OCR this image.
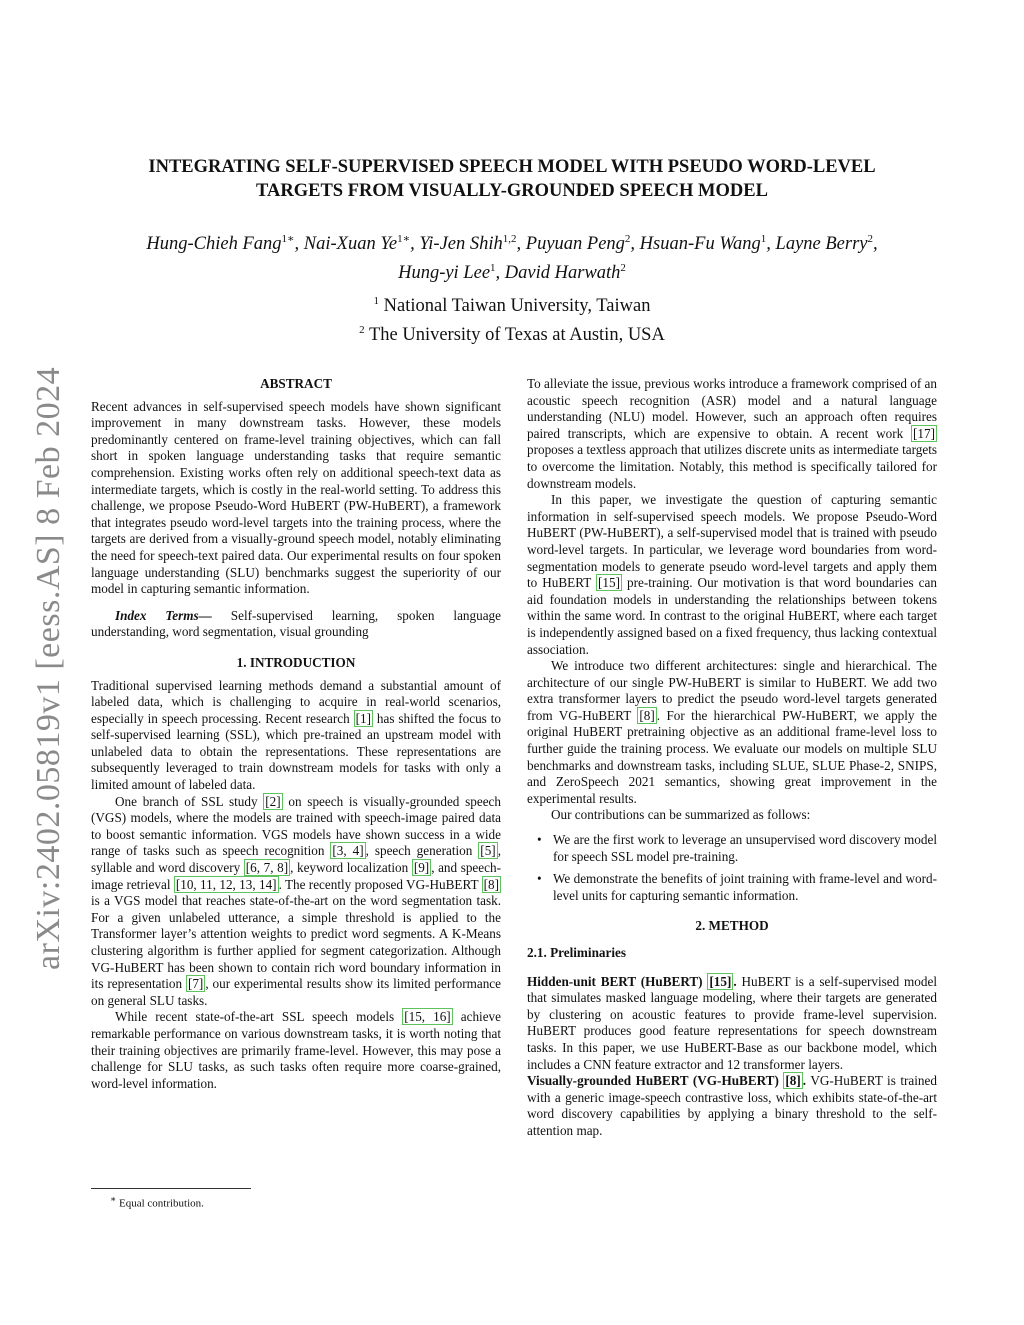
arXiv:2402.05819v1 [eess.AS] 8 Feb 2024
INTEGRATING SELF-SUPERVISED SPEECH MODEL WITH PSEUDO WORD-LEVEL
TARGETS FROM VISUALLY-GROUNDED SPEECH MODEL
Hung-Chieh Fang$^{1∗}$, Nai-Xuan $Ye^{1∗}$, Yi-Jen Shih$^{1,2}$, Puyuan Peng$^2$, Hsuan-Fu Wang$^1$, Layne Berry$^2$,
Hung-yi Lee$^1$, David Harwath$^2$
$^1$ National Taiwan University, Taiwan
$^2$ The University of Texas at Austin, USA
ABSTRACT

Recent advances in self-supervised speech models have shown significant improvement in many downstream tasks. However, these models predominantly centered on frame-level training objectives, which can fall short in spoken language understanding tasks that require semantic comprehension. Existing works often rely on additional speech-text data as intermediate targets, which is costly in the real-world setting. To address this challenge, we propose Pseudo-Word HuBERT (PW-HuBERT), a framework that integrates pseudo word-level targets into the training process, where the targets are derived from a visually-ground speech model, notably eliminating the need for speech-text paired data. Our experimental results on four spoken language understanding (SLU) benchmarks suggest the superiority of our model in capturing semantic information.

Index Terms— Self-supervised learning, spoken language understanding, word segmentation, visual grounding

1. INTRODUCTION

Traditional supervised learning methods demand a substantial amount of labeled data, which is challenging to acquire in real-world scenarios, especially in speech processing. Recent research [1] has shifted the focus to self-supervised learning (SSL), which pre-trained an upstream model with unlabeled data to obtain the representations. These representations are subsequently leveraged to train downstream models for tasks with only a limited amount of labeled data.

One branch of SSL study [2] on speech is visually-grounded speech (VGS) models, where the models are trained with speech-image paired data to boost semantic information. VGS models have shown success in a wide range of tasks such as speech recognition [3, 4] , speech generation [5] , syllable and word discovery [6, 7, 8] , keyword localization [9] , and speech-image retrieval [10, 11, 12, 13, 14] . The recently proposed VG-HuBERT [8] is a VGS model that reaches state-of-the-art on the word segmentation task. For a given unlabeled utterance, a simple threshold is applied to the Transformer layer’s attention weights to predict word segments. A K-Means clustering algorithm is further applied for segment categorization. Although VG-HuBERT has been shown to contain rich word boundary information in its representation [7] , our experimental results show its limited performance on general SLU tasks.

While recent state-of-the-art SSL speech models [15, 16] achieve remarkable performance on various downstream tasks, it is worth noting that their training objectives are primarily frame-level. However, this may pose a challenge for SLU tasks, as such tasks often require more coarse-grained, word-level information.

∗ Equal contribution.

To alleviate the issue, previous works introduce a framework comprised of an acoustic speech recognition (ASR) model and a natural language understanding (NLU) model. However, such an approach often requires paired transcripts, which are expensive to obtain. A recent work [17] proposes a textless approach that utilizes discrete units as intermediate targets to overcome the limitation. Notably, this method is specifically tailored for downstream models.

In this paper, we investigate the question of capturing semantic information in self-supervised speech models. We propose Pseudo-Word HuBERT (PW-HuBERT), a self-supervised model that is trained with pseudo word-level targets. In particular, we leverage word boundaries from word-segmentation models to generate pseudo word-level targets and apply them to HuBERT [15] pre-training. Our motivation is that word boundaries can aid foundation models in understanding the relationships between tokens within the same word. In contrast to the original HuBERT, where each target is independently assigned based on a fixed frequency, thus lacking contextual association.

We introduce two different architectures: single and hierarchical. The architecture of our single PW-HuBERT is similar to HuBERT. We add two extra transformer layers to predict the pseudo word-level targets generated from VG-HuBERT [8] . For the hierarchical PW-HuBERT, we apply the original HuBERT pretraining objective as an additional frame-level loss to further guide the training process. We evaluate our models on multiple SLU benchmarks and downstream tasks, including SLUE, SLUE Phase-2, SNIPS, and ZeroSpeech 2021 semantics, showing great improvement in the experimental results.

Our contributions can be summarized as follows:

• We are the first work to leverage an unsupervised word discovery model for speech SSL model pre-training.
• We demonstrate the benefits of joint training with frame-level and word-level units for capturing semantic information.
2. METHOD
2.1. Preliminaries

Hidden-unit BERT (HuBERT) [15] . HuBERT is a self-supervised model that simulates masked language modeling, where their targets are generated by clustering on acoustic features to provide frame-level supervision. HuBERT produces good feature representations for speech downstream tasks. In this paper, we use HuBERT-Base as our backbone model, which includes a CNN feature extractor and 12 transformer layers.

Visually-grounded HuBERT (VG-HuBERT) [8] . VG-HuBERT is trained with a generic image-speech contrastive loss, which exhibits state-of-the-art word discovery capabilities by applying a binary threshold to the self-attention map.
